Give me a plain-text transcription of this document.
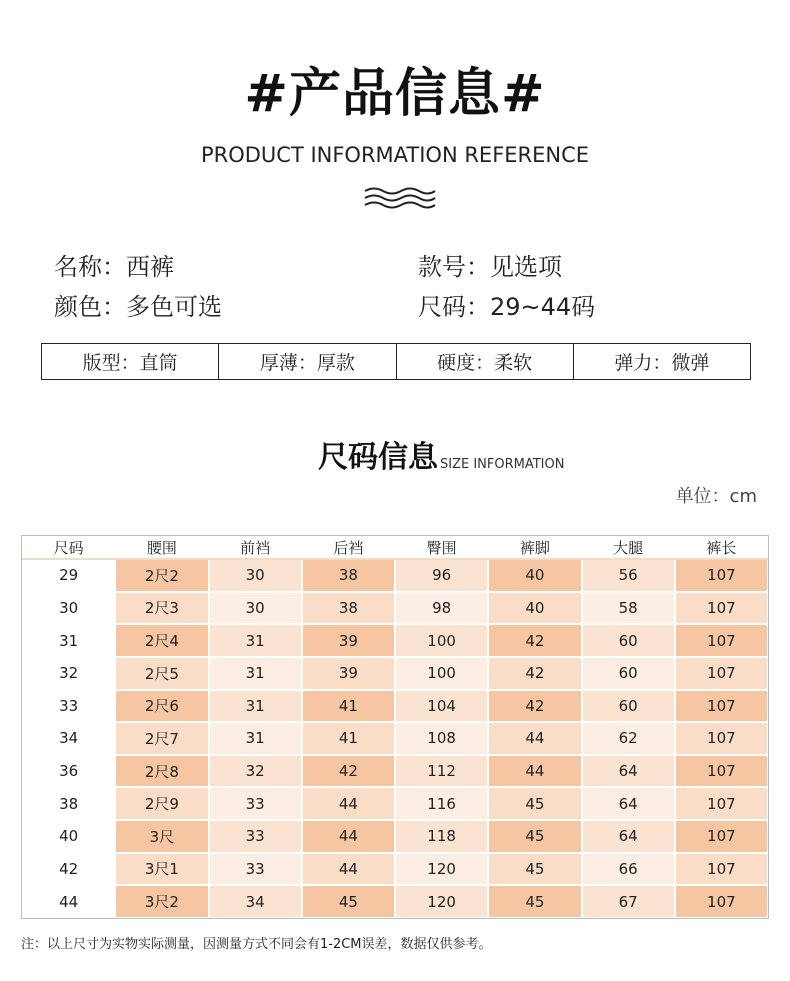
#产品信息#
PRODUCT INFORMATION REFERENCE
名称：西裤	款号：见选项
颜色：多色可选	尺码：29~44码
版型：直筒	厚薄：厚款	硬度：柔软	弹力：微弹
尺码信息 SIZE INFORMATION
单位：cm
尺码	腰围	前裆	后裆	臀围	裤脚	大腿	裤长
29	2尺2	30	38	96	40	56	107
30	2尺3	30	38	98	40	58	107
31	2尺4	31	39	100	42	60	107
32	2尺5	31	39	100	42	60	107
33	2尺6	31	41	104	42	60	107
34	2尺7	31	41	108	44	62	107
36	2尺8	32	42	112	44	64	107
38	2尺9	33	44	116	45	64	107
40	3尺	33	44	118	45	64	107
42	3尺1	33	44	120	45	66	107
44	3尺2	34	45	120	45	67	107
注：以上尺寸为实物实际测量，因测量方式不同会有1-2CM误差，数据仅供参考。
